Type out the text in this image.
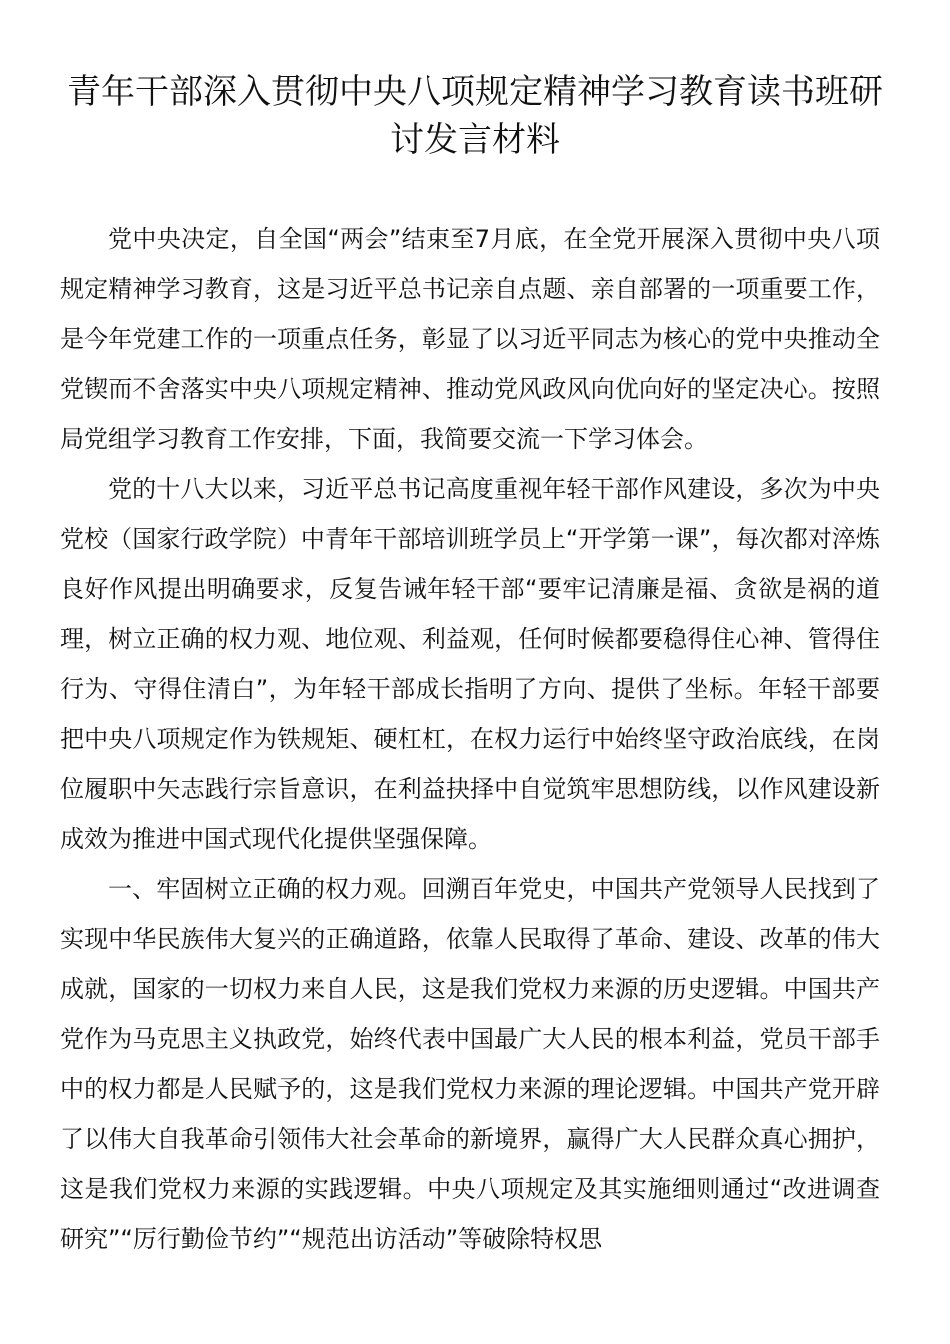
青年干部深入贯彻中央八项规定精神学习教育读书班研讨发言材料

党中央决定，自全国“两会”结束至7月底，在全党开展深入贯彻中央八项规定精神学习教育，这是习近平总书记亲自点题、亲自部署的一项重要工作，是今年党建工作的一项重点任务，彰显了以习近平同志为核心的党中央推动全党锲而不舍落实中央八项规定精神、推动党风政风向优向好的坚定决心。按照局党组学习教育工作安排，下面，我简要交流一下学习体会。

党的十八大以来，习近平总书记高度重视年轻干部作风建设，多次为中央党校（国家行政学院）中青年干部培训班学员上“开学第一课”，每次都对淬炼良好作风提出明确要求，反复告诫年轻干部“要牢记清廉是福、贪欲是祸的道理，树立正确的权力观、地位观、利益观，任何时候都要稳得住心神、管得住行为、守得住清白”，为年轻干部成长指明了方向、提供了坐标。年轻干部要把中央八项规定作为铁规矩、硬杠杠，在权力运行中始终坚守政治底线，在岗位履职中矢志践行宗旨意识，在利益抉择中自觉筑牢思想防线，以作风建设新成效为推进中国式现代化提供坚强保障。

一、牢固树立正确的权力观。回溯百年党史，中国共产党领导人民找到了实现中华民族伟大复兴的正确道路，依靠人民取得了革命、建设、改革的伟大成就，国家的一切权力来自人民，这是我们党权力来源的历史逻辑。中国共产党作为马克思主义执政党，始终代表中国最广大人民的根本利益，党员干部手中的权力都是人民赋予的，这是我们党权力来源的理论逻辑。中国共产党开辟了以伟大自我革命引领伟大社会革命的新境界，赢得广大人民群众真心拥护，这是我们党权力来源的实践逻辑。中央八项规定及其实施细则通过“改进调查研究”“厉行勤俭节约”“规范出访活动”等破除特权思
